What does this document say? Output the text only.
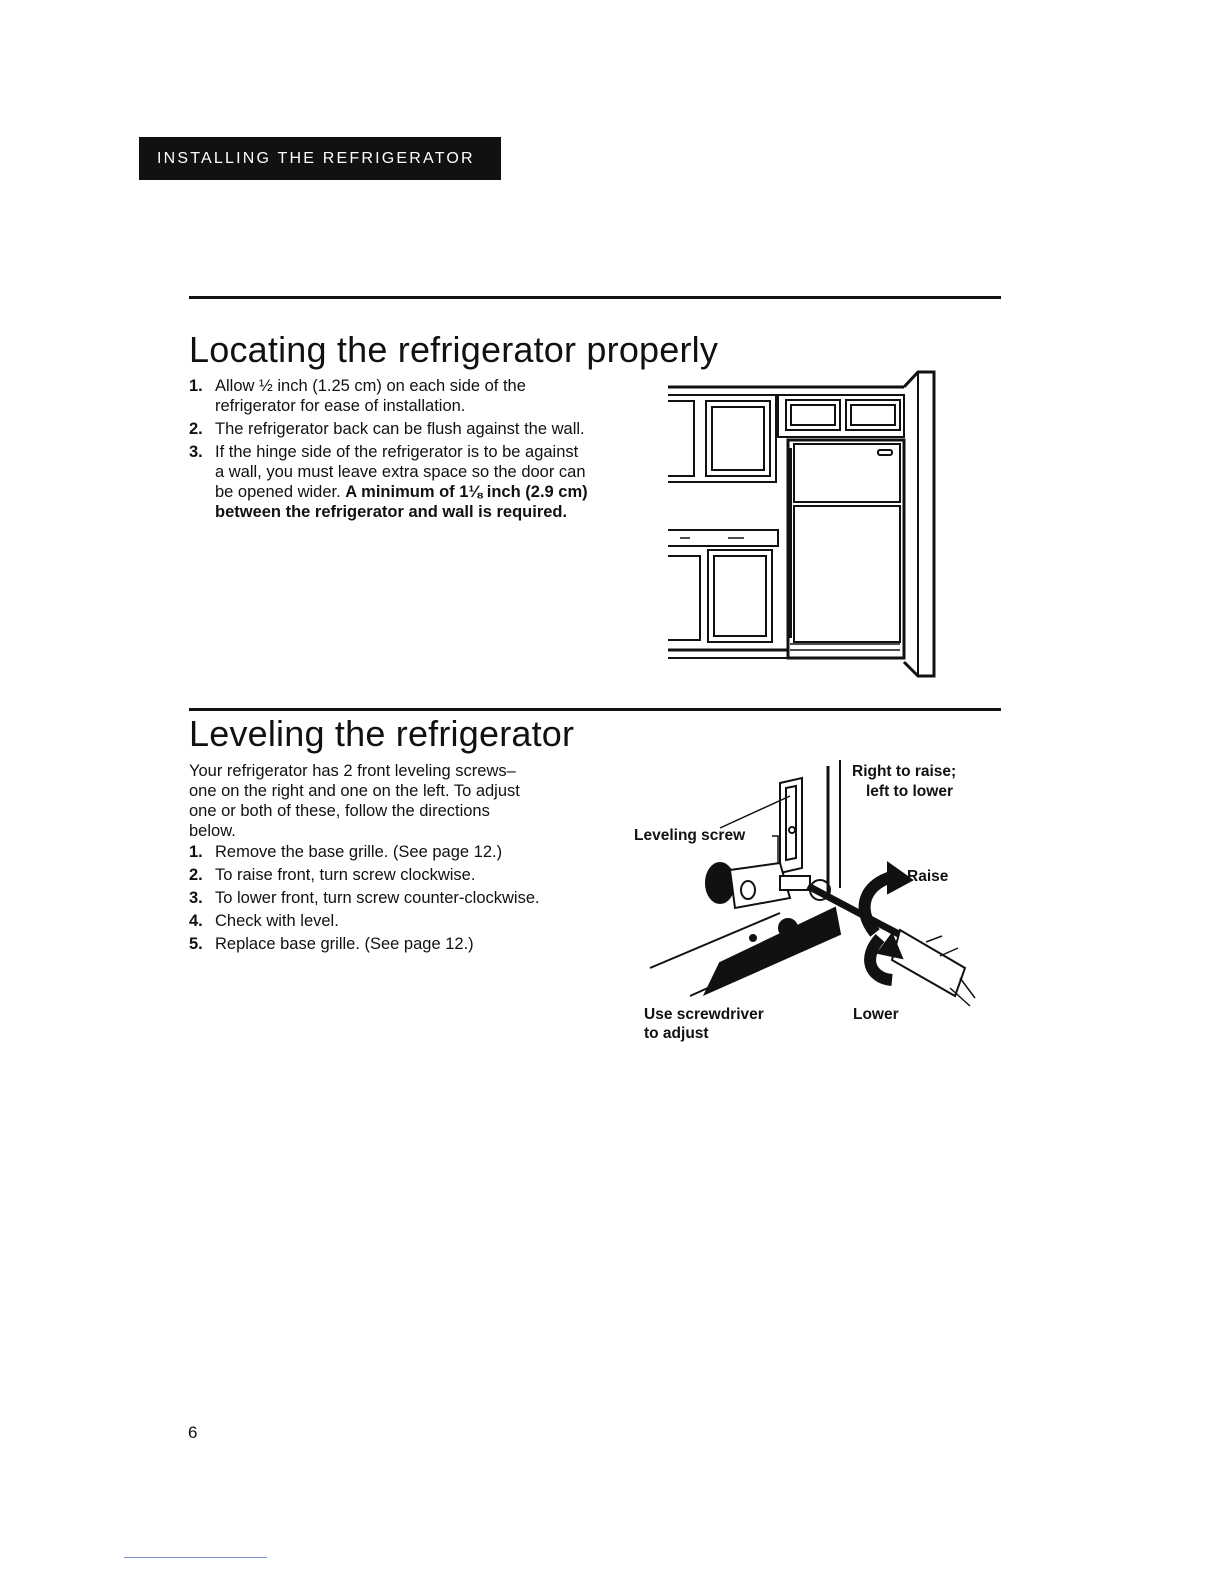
INSTALLING THE REFRIGERATOR
Locating the refrigerator properly
1. Allow ½ inch (1.25 cm) on each side of the refrigerator for ease of installation.
2. The refrigerator back can be flush against the wall.
3. If the hinge side of the refrigerator is to be against a wall, you must leave extra space so the door can be opened wider. A minimum of 1⅛ inch (2.9 cm) between the refrigerator and wall is required.
Leveling the refrigerator

Your refrigerator has 2 front leveling screws– one on the right and one on the left. To adjust one or both of these, follow the directions below.

1. Remove the base grille. (See page 12.)
2. To raise front, turn screw clockwise.
3. To lower front, turn screw counter-clockwise.
4. Check with level.
5. Replace base grille. (See page 12.)
Leveling screw
Right to raise;
left to lower
Raise
Lower
Use screwdriver
to adjust
6
